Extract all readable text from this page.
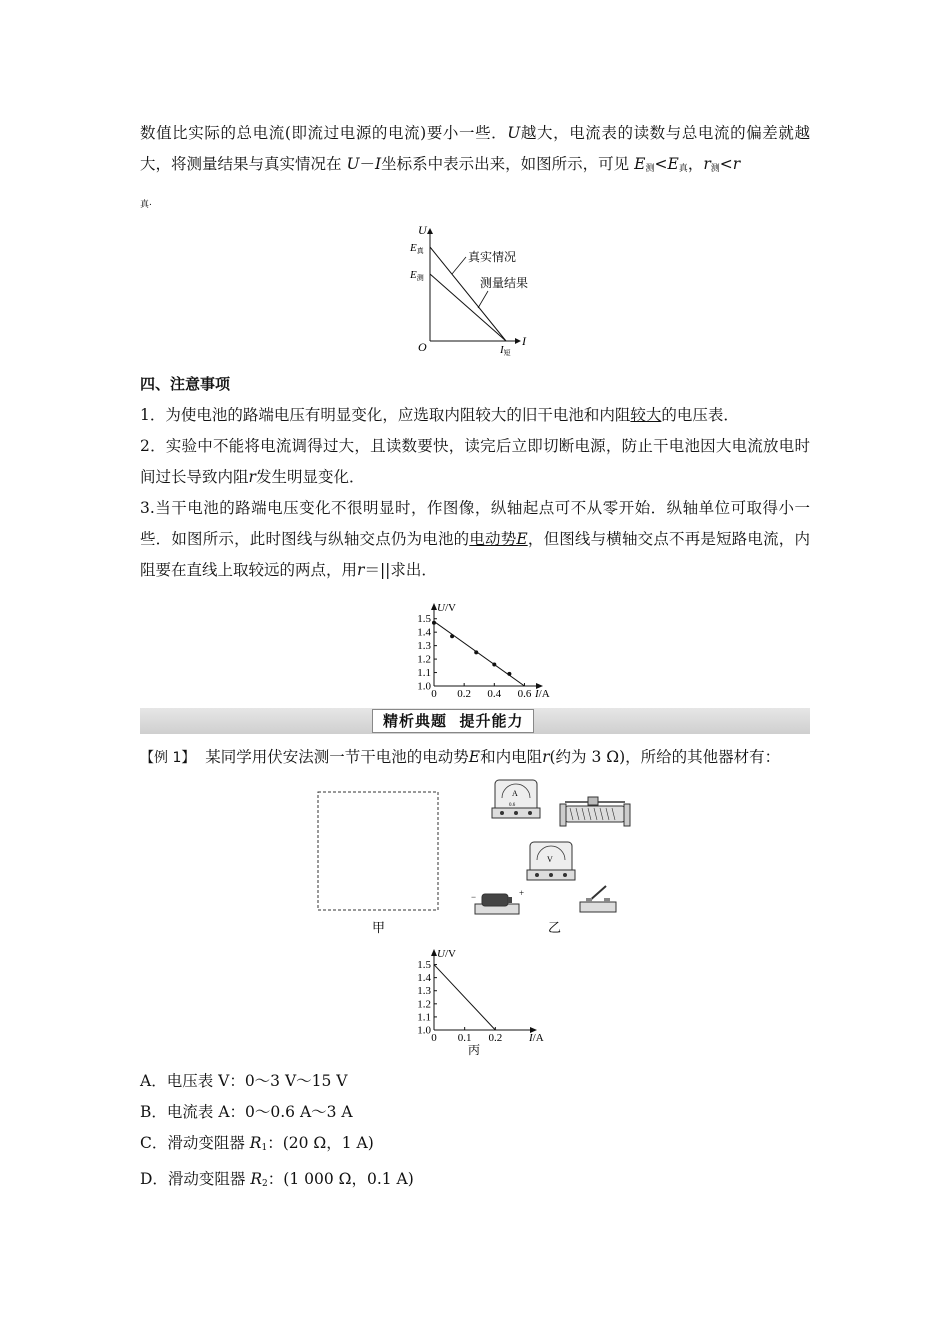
数值比实际的总电流(即流过电源的电流)要小一些．U越大，电流表的读数与总电流的偏差就越大，将测量结果与真实情况在 U－I坐标系中表示出来，如图所示，可见 $E_测<E_真$，$r_测<r$
$_真$.

U
I
O
E真
E测
I短
真实情况
测量结果
四、注意事项

1．为使电池的路端电压有明显变化，应选取内阻较大的旧干电池和内阻较大的电压表．

2．实验中不能将电流调得过大，且读数要快，读完后立即切断电源，防止干电池因大电流放电时间过长导致内阻r发生明显变化．

3.当干电池的路端电压变化不很明显时，作图像，纵轴起点可不从零开始．纵轴单位可取得小一些．如图所示，此时图线与纵轴交点仍为电池的电动势E，但图线与横轴交点不再是短路电流，内阻要在直线上取较远的两点，用r＝||求出．

1.0
1.1
1.2
1.3
1.4
1.5
0 0.2 0.4 0.6
U/V
I/A
精析典题 提升能力

【例 1】 某同学用伏安法测一节干电池的电动势E和内电阻r(约为 3 Ω)，所给的其他器材有：

甲	乙
A
0.6
V
−	+
1.0
1.1
1.2
1.3
1.4
1.5
0 0.1 0.2
U/V
I/A
丙

A．电压表 V：0～3 V～15 V

B．电流表 A：0～0.6 A～3 A

C．滑动变阻器 $R_1$：(20 Ω，1 A)

D．滑动变阻器 $R_2$：(1 000 Ω，0.1 A)
